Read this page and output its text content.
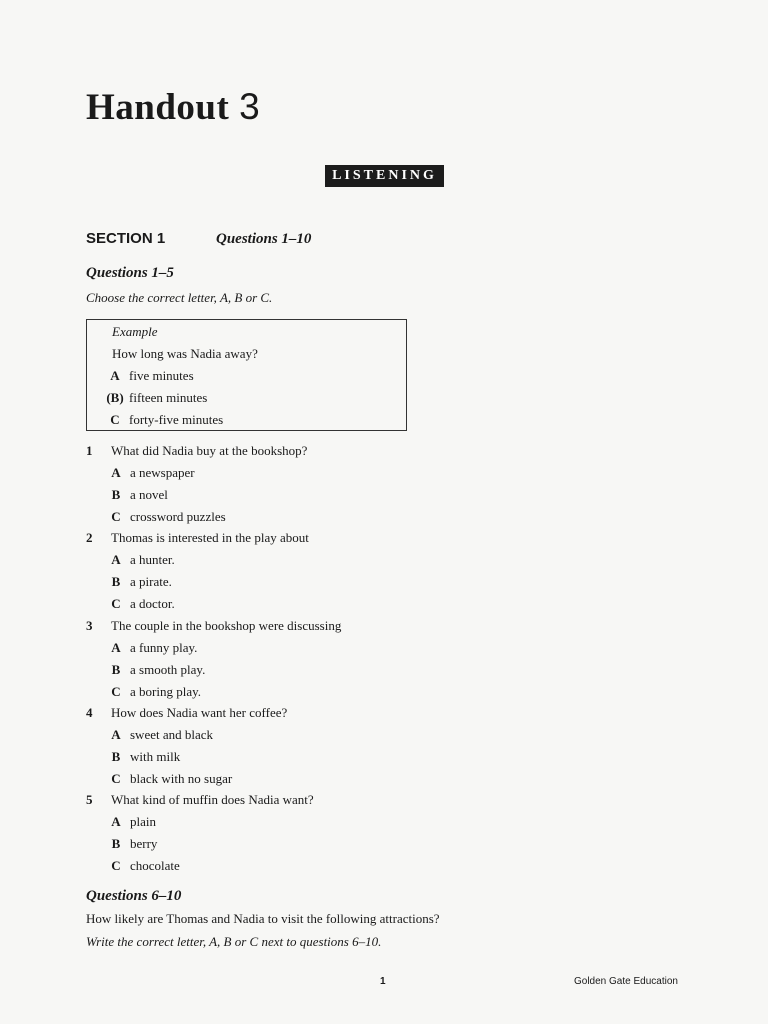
Handout 3
LISTENING
SECTION 1	Questions 1–10
Questions 1–5
Choose the correct letter, A, B or C.
Example
How long was Nadia away?
A five minutes
(B) fifteen minutes
C forty-five minutes
1 What did Nadia buy at the bookshop?
A a newspaper
B a novel
C crossword puzzles
2 Thomas is interested in the play about
A a hunter.
B a pirate.
C a doctor.
3 The couple in the bookshop were discussing
A a funny play.
B a smooth play.
C a boring play.
4 How does Nadia want her coffee?
A sweet and black
B with milk
C black with no sugar
5 What kind of muffin does Nadia want?
A plain
B berry
C chocolate
Questions 6–10
How likely are Thomas and Nadia to visit the following attractions?
Write the correct letter, A, B or C next to questions 6–10.
1	Golden Gate Education
